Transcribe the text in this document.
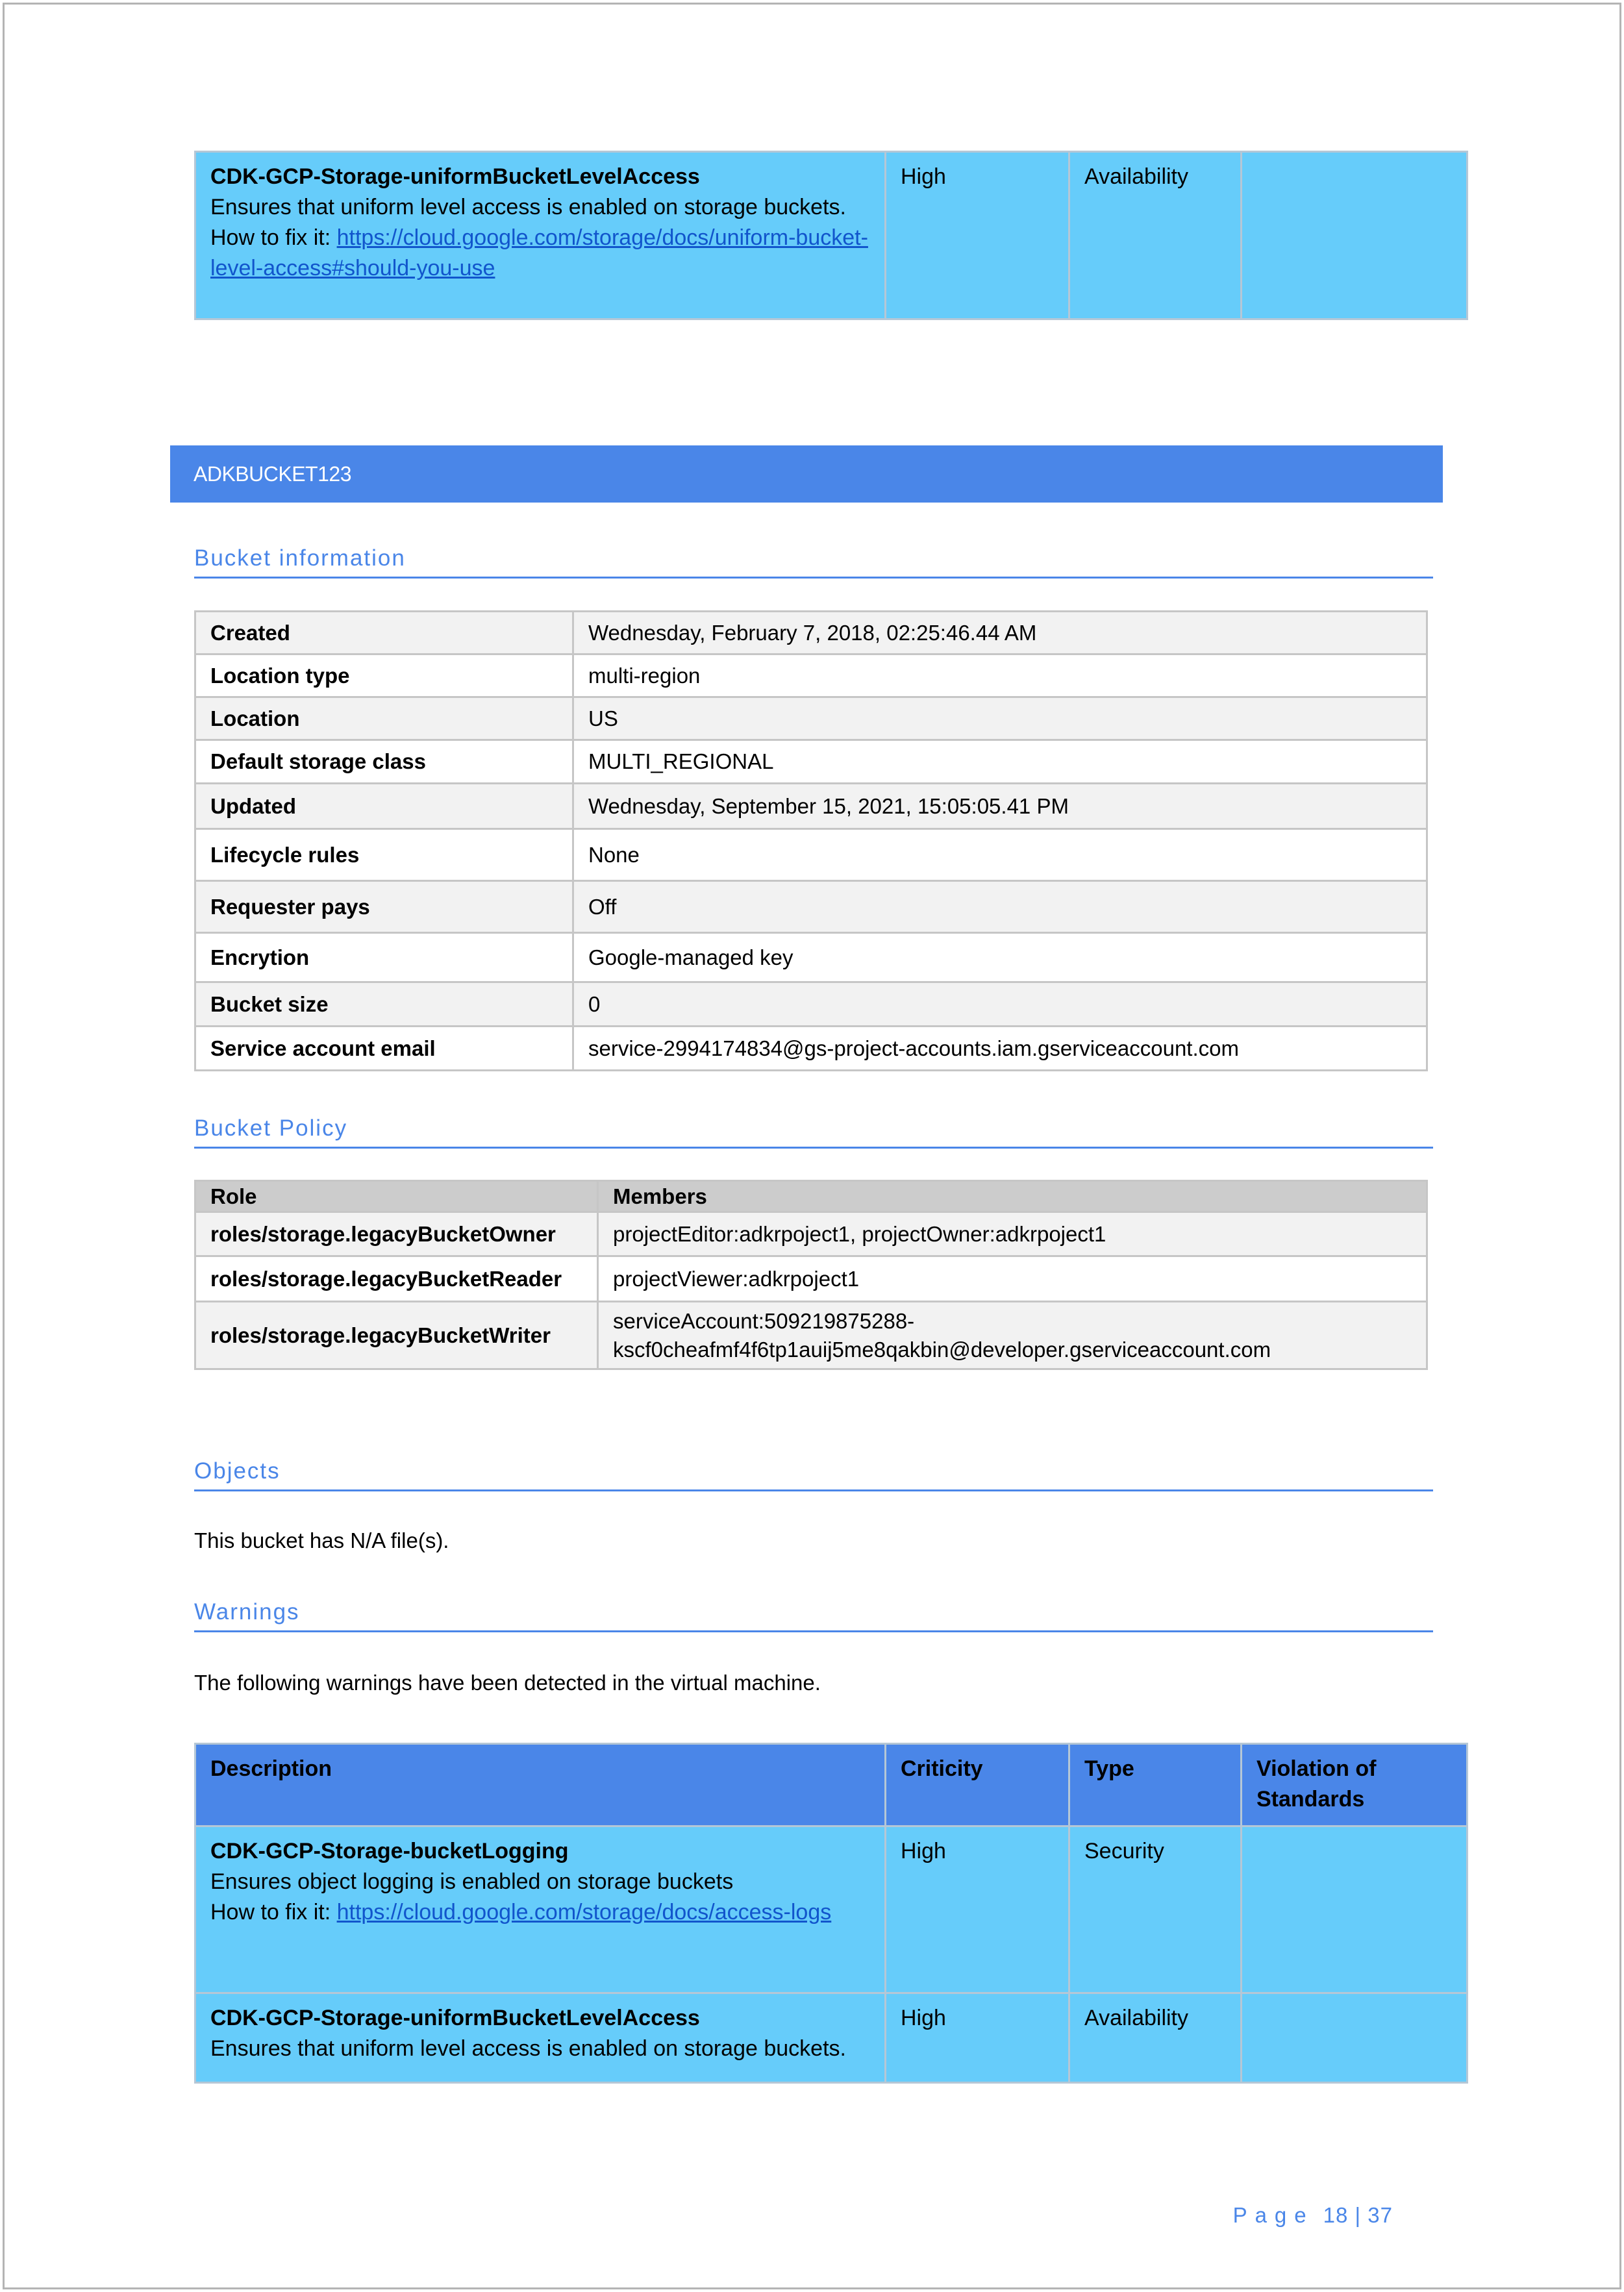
CDK-GCP-Storage-uniformBucketLevelAccess
Ensures that uniform level access is enabled on storage buckets.
How to fix it: https://cloud.google.com/storage/docs/uniform-bucket-level-access#should-you-use	High	Availability	
ADKBUCKET123
Bucket information
Created	Wednesday, February 7, 2018, 02:25:46.44 AM
Location type	multi-region
Location	US
Default storage class	MULTI_REGIONAL
Updated	Wednesday, September 15, 2021, 15:05:05.41 PM
Lifecycle rules	None
Requester pays	Off
Encrytion	Google-managed key
Bucket size	0
Service account email	service-2994174834@gs-project-accounts.iam.gserviceaccount.com
Bucket Policy
Role	Members
roles/storage.legacyBucketOwner	projectEditor:adkrpoject1, projectOwner:adkrpoject1
roles/storage.legacyBucketReader	projectViewer:adkrpoject1
roles/storage.legacyBucketWriter	serviceAccount:509219875288-
kscf0cheafmf4f6tp1auij5me8qakbin@developer.gserviceaccount.com
Objects
This bucket has N/A file(s).
Warnings
The following warnings have been detected in the virtual machine.
Description	Criticity	Type	Violation of
Standards

CDK-GCP-Storage-bucketLogging
Ensures object logging is enabled on storage buckets
How to fix it: https://cloud.google.com/storage/docs/access-logs	High	Security	

CDK-GCP-Storage-uniformBucketLevelAccess
Ensures that uniform level access is enabled on storage buckets.	High	Availability	
Page 18 | 37
